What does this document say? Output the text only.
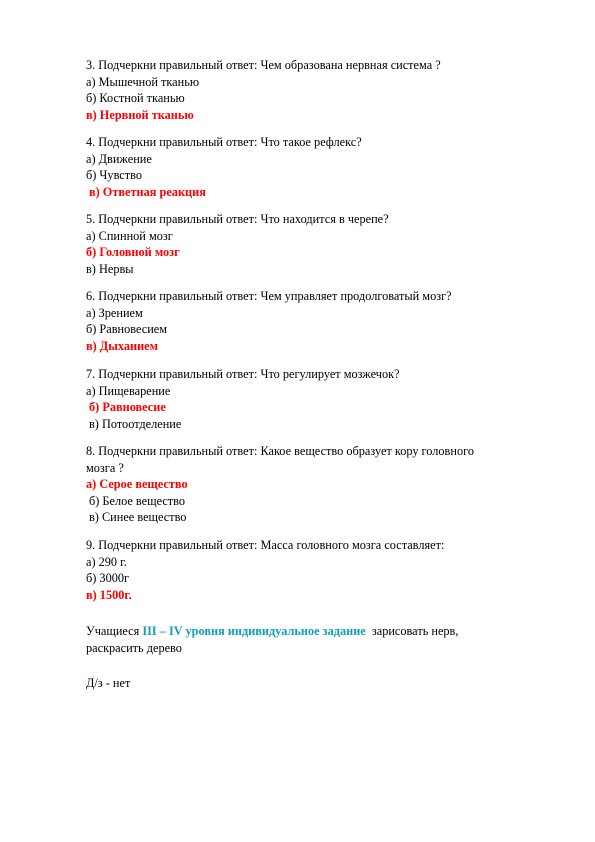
3. Подчеркни правильный ответ: Чем образована нервная система ?
а) Мышечной тканью
б) Костной тканью
в) Нервной тканью
4. Подчеркни правильный ответ: Что такое рефлекс?
а) Движение
б) Чувство
в) Ответная реакция
5. Подчеркни правильный ответ: Что находится в черепе?
а) Спинной мозг
б) Головной мозг
в) Нервы
6. Подчеркни правильный ответ: Чем управляет продолговатый мозг?
а) Зрением
б) Равновесием
в) Дыханием
7. Подчеркни правильный ответ: Что регулирует мозжечок?
а) Пищеварение
б) Равновесие
в) Потоотделение
8. Подчеркни правильный ответ: Какое вещество образует кору головного
мозга ?
а) Серое вещество
б) Белое вещество
в) Синее вещество
9. Подчеркни правильный ответ: Масса головного мозга составляет:
а) 290 г.
б) 3000г
в) 1500г.
Учащиеся III – IV уровня индивидуальное задание  зарисовать нерв,
раскрасить дерево
Д/з - нет
